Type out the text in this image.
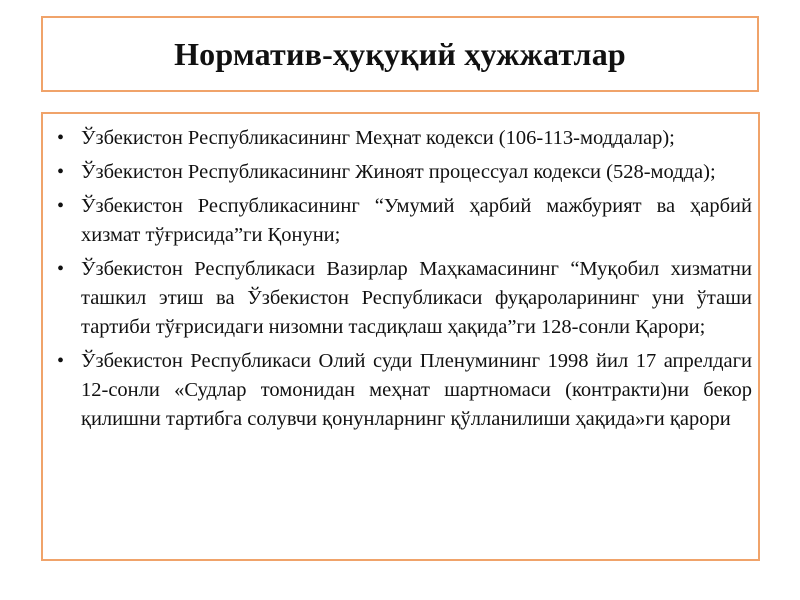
Норматив-ҳуқуқий ҳужжатлар
• Ўзбекистон Республикасининг Меҳнат кодекси (106-113-моддалар);

• Ўзбекистон Республикасининг Жиноят процессуал кодекси (528-модда);

• Ўзбекистон Республикасининг “Умумий ҳарбий мажбурият ва ҳарбий хизмат тўғрисида”ги Қонуни;

• Ўзбекистон Республикаси Вазирлар Маҳкамасининг “Муқобил хизматни ташкил этиш ва Ўзбекистон Республикаси фуқароларининг уни ўташи тартиби тўғрисидаги низомни тасдиқлаш ҳақида”ги 128-сонли Қарори;

• Ўзбекистон Республикаси Олий суди Пленумининг 1998 йил 17 апрелдаги 12-сонли «Судлар томонидан меҳнат шартномаси (контракти)ни бекор қилишни тартибга солувчи қонунларнинг қўлланилиши ҳақида»ги қарори
